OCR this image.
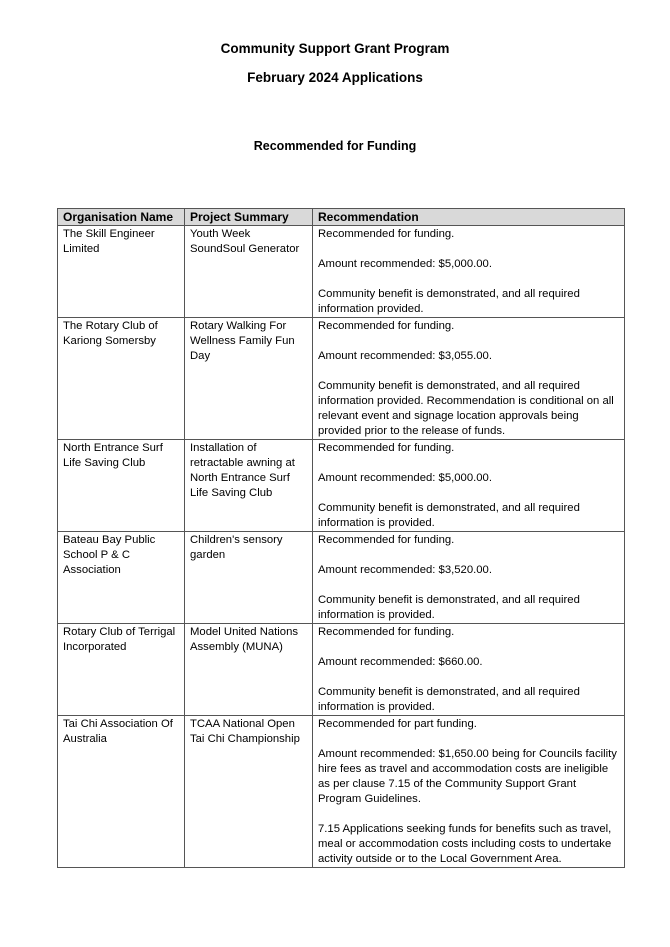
Community Support Grant Program
February 2024 Applications
Recommended for Funding
Organisation Name	Project Summary	Recommendation
The Skill Engineer Limited	Youth Week SoundSoul Generator	Recommended for funding.
Amount recommended: $5,000.00.
Community benefit is demonstrated, and all required information provided.

The Rotary Club of Kariong Somersby	Rotary Walking For Wellness Family Fun Day	Recommended for funding.
Amount recommended: $3,055.00.
Community benefit is demonstrated, and all required information provided. Recommendation is conditional on all relevant event and signage location approvals being provided prior to the release of funds.

North Entrance Surf Life Saving Club	Installation of retractable awning at North Entrance Surf Life Saving Club	Recommended for funding.
Amount recommended: $5,000.00.
Community benefit is demonstrated, and all required information is provided.

Bateau Bay Public School P & C Association	Children's sensory garden	Recommended for funding.
Amount recommended: $3,520.00.
Community benefit is demonstrated, and all required information is provided.

Rotary Club of Terrigal Incorporated	Model United Nations Assembly (MUNA)	Recommended for funding.
Amount recommended: $660.00.
Community benefit is demonstrated, and all required information is provided.

Tai Chi Association Of Australia	TCAA National Open Tai Chi Championship	Recommended for part funding.
Amount recommended: $1,650.00 being for Councils facility hire fees as travel and accommodation costs are ineligible as per clause 7.15 of the Community Support Grant Program Guidelines.
7.15 Applications seeking funds for benefits such as travel, meal or accommodation costs including costs to undertake activity outside or to the Local Government Area.
